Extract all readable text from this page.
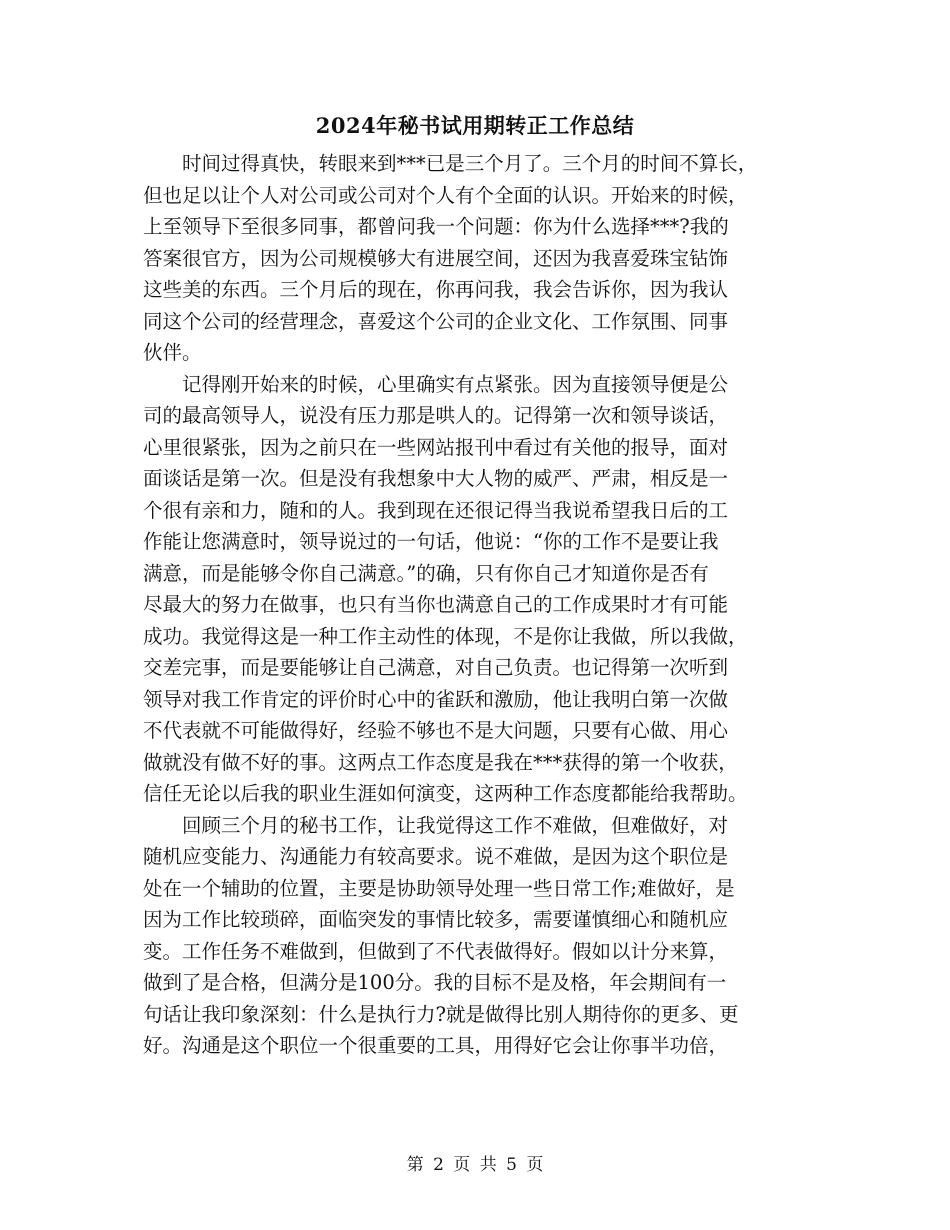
2024年秘书试用期转正工作总结
　　时间过得真快，转眼来到***已是三个月了。三个月的时间不算长，
但也足以让个人对公司或公司对个人有个全面的认识。开始来的时候，
上至领导下至很多同事，都曾问我一个问题：你为什么选择***?我的
答案很官方，因为公司规模够大有进展空间，还因为我喜爱珠宝钻饰
这些美的东西。三个月后的现在，你再问我，我会告诉你，因为我认
同这个公司的经营理念，喜爱这个公司的企业文化、工作氛围、同事
伙伴。
　　记得刚开始来的时候，心里确实有点紧张。因为直接领导便是公
司的最高领导人，说没有压力那是哄人的。记得第一次和领导谈话，
心里很紧张，因为之前只在一些网站报刊中看过有关他的报导，面对
面谈话是第一次。但是没有我想象中大人物的威严、严肃，相反是一
个很有亲和力，随和的人。我到现在还很记得当我说希望我日后的工
作能让您满意时，领导说过的一句话，他说：“你的工作不是要让我
满意，而是能够令你自己满意。”的确，只有你自己才知道你是否有
尽最大的努力在做事，也只有当你也满意自己的工作成果时才有可能
成功。我觉得这是一种工作主动性的体现，不是你让我做，所以我做，
交差完事，而是要能够让自己满意，对自己负责。也记得第一次听到
领导对我工作肯定的评价时心中的雀跃和激励，他让我明白第一次做
不代表就不可能做得好，经验不够也不是大问题，只要有心做、用心
做就没有做不好的事。这两点工作态度是我在***获得的第一个收获，
信任无论以后我的职业生涯如何演变，这两种工作态度都能给我帮助。
　　回顾三个月的秘书工作，让我觉得这工作不难做，但难做好，对
随机应变能力、沟通能力有较高要求。说不难做，是因为这个职位是
处在一个辅助的位置，主要是协助领导处理一些日常工作;难做好，是
因为工作比较琐碎，面临突发的事情比较多，需要谨慎细心和随机应
变。工作任务不难做到，但做到了不代表做得好。假如以计分来算，
做到了是合格，但满分是100分。我的目标不是及格，年会期间有一
句话让我印象深刻：什么是执行力?就是做得比别人期待你的更多、更
好。沟通是这个职位一个很重要的工具，用得好它会让你事半功倍，
第 2 页 共 5 页
